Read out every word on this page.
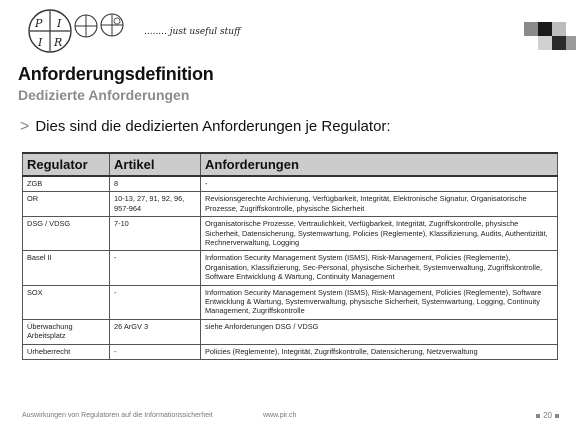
P I
I R
........ just useful stuff
Anforderungsdefinition
Dedizierte Anforderungen
> Dies sind die dedizierten Anforderungen je Regulator:
Regulator	Artikel	Anforderungen
ZGB	8	-
OR	10-13, 27, 91, 92, 96, 957-964	Revisionsgerechte Archivierung, Verfügbarkeit, Integrität, Elektronische Signatur, Organisatorische Prozesse, Zugriffskontrolle, physische Sicherheit
DSG / VDSG	7-10	Organisatorische Prozesse, Vertraulichkeit, Verfügbarkeit, Integrität, Zugriffskontrolle, physische Sicherheit, Datensicherung, Systemwartung, Policies (Reglemente), Klassifizierung, Audits, Authentizität, Rechnerverwaltung, Logging
Basel II	-	Information Security Management System (ISMS), Risk-Management, Policies (Reglemente), Organisation, Klassifizierung, Sec-Personal, physische Sicherheit, Systemverwaltung, Zugriffskontrolle, Software Entwicklung & Wartung, Continuity Management
SOX	-	Information Security Management System (ISMS), Risk-Management, Policies (Reglemente), Software Entwicklung & Wartung, Systemverwaltung, physische Sicherheit, Systemwartung, Logging, Continuity Management, Zugriffskontrolle
Überwachung Arbeitsplatz	26 ArGV 3	siehe Anforderungen DSG / VDSG
Urheberrecht	-	Policies (Reglemente), Integrität, Zugriffskontrolle, Datensicherung, Netzverwaltung
Auswirkungen von Regulatoren auf die Informationssicherheit	www.pir.ch	20
